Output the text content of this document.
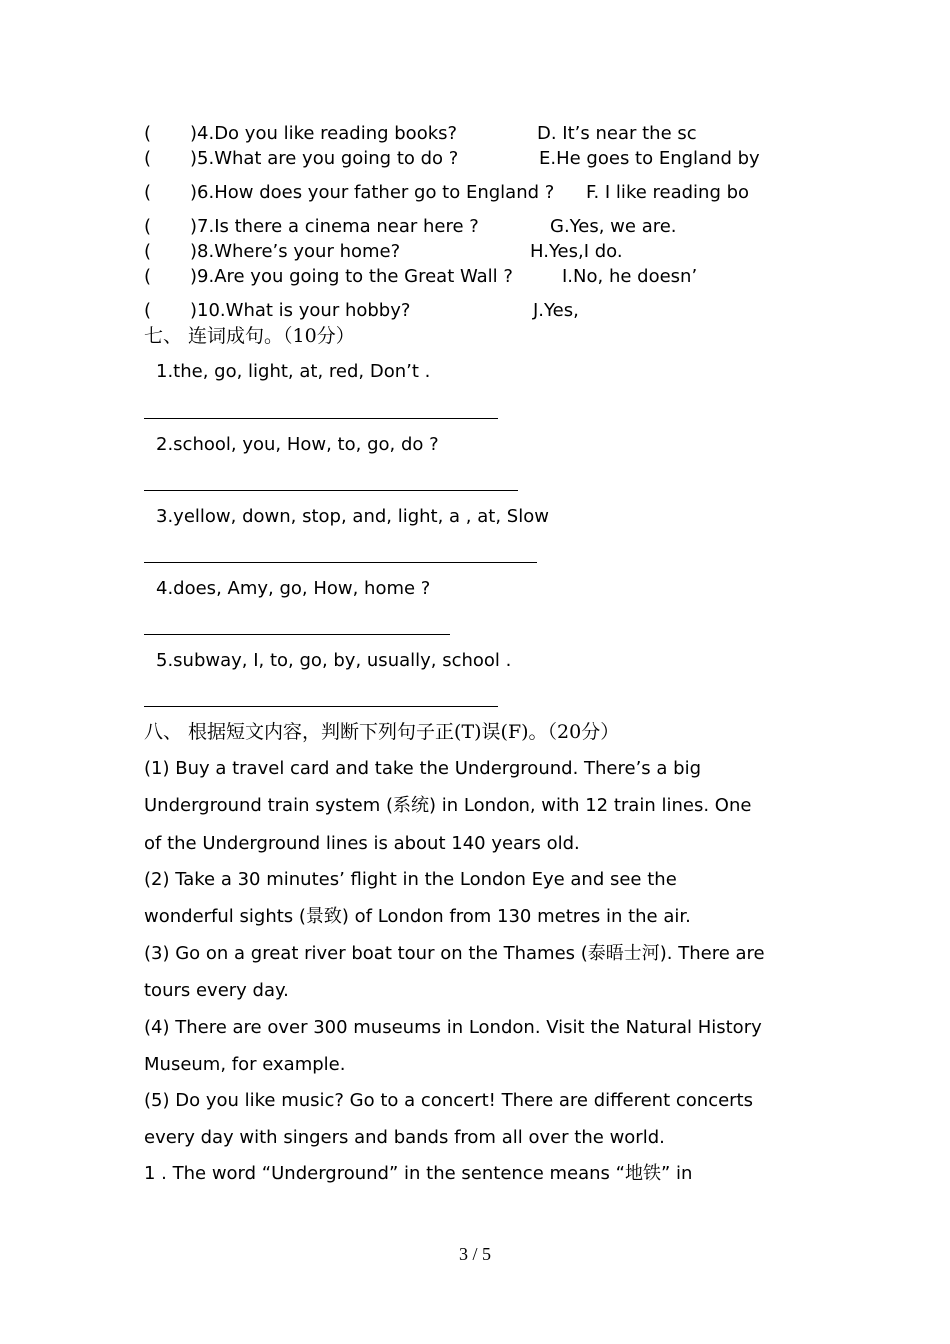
( )4.Do you like reading books?	D. It’s near the sc
( )5.What are you going to do ?	E.He goes to England by
( )6.How does your father go to England ? F. I like reading bo
( )7.Is there a cinema near here ?	G.Yes, we are.
( )8.Where’s your home?	H.Yes,I do.
( )9.Are you going to the Great Wall ?	I.No, he doesn’
( )10.What is your hobby?	J.Yes,
七、 连词成句。（10分）
1.the, go, light, at, red, Don’t .
2.school, you, How, to, go, do ?
3.yellow, down, stop, and, light, a , at, Slow
4.does, Amy, go, How, home ?
5.subway, I, to, go, by, usually, school .
八、 根据短文内容，判断下列句子正(T)误(F)。（20分）
(1) Buy a travel card and take the Underground. There’s a big
Underground train system (系统) in London, with 12 train lines. One
of the Underground lines is about 140 years old.
(2) Take a 30 minutes’ flight in the London Eye and see the
wonderful sights (景致) of London from 130 metres in the air.
(3) Go on a great river boat tour on the Thames (泰晤士河). There are
tours every day.
(4) There are over 300 museums in London. Visit the Natural History
Museum, for example.
(5) Do you like music? Go to a concert! There are different concerts
every day with singers and bands from all over the world.
1 . The word “Underground” in the sentence means “地铁” in
3 / 5
